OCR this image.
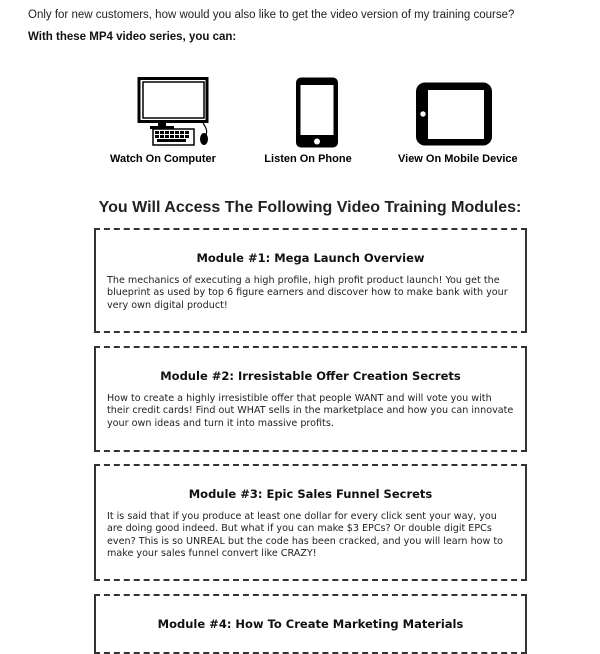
Only for new customers, how would you also like to get the video version of my training course?
With these MP4 video series, you can:
Watch On Computer	Listen On Phone	View On Mobile Device
You Will Access The Following Video Training Modules:
Module #1: Mega Launch Overview
The mechanics of executing a high profile, high profit product launch! You get the blueprint as used by top 6 figure earners and discover how to make bank with your very own digital product!
Module #2: Irresistable Offer Creation Secrets
How to create a highly irresistible offer that people WANT and will vote you with their credit cards! Find out WHAT sells in the marketplace and how you can innovate your own ideas and turn it into massive profits.
Module #3: Epic Sales Funnel Secrets
It is said that if you produce at least one dollar for every click sent your way, you are doing good indeed. But what if you can make $3 EPCs? Or double digit EPCs even? This is so UNREAL but the code has been cracked, and you will learn how to make your sales funnel convert like CRAZY!
Module #4: How To Create Marketing Materials
